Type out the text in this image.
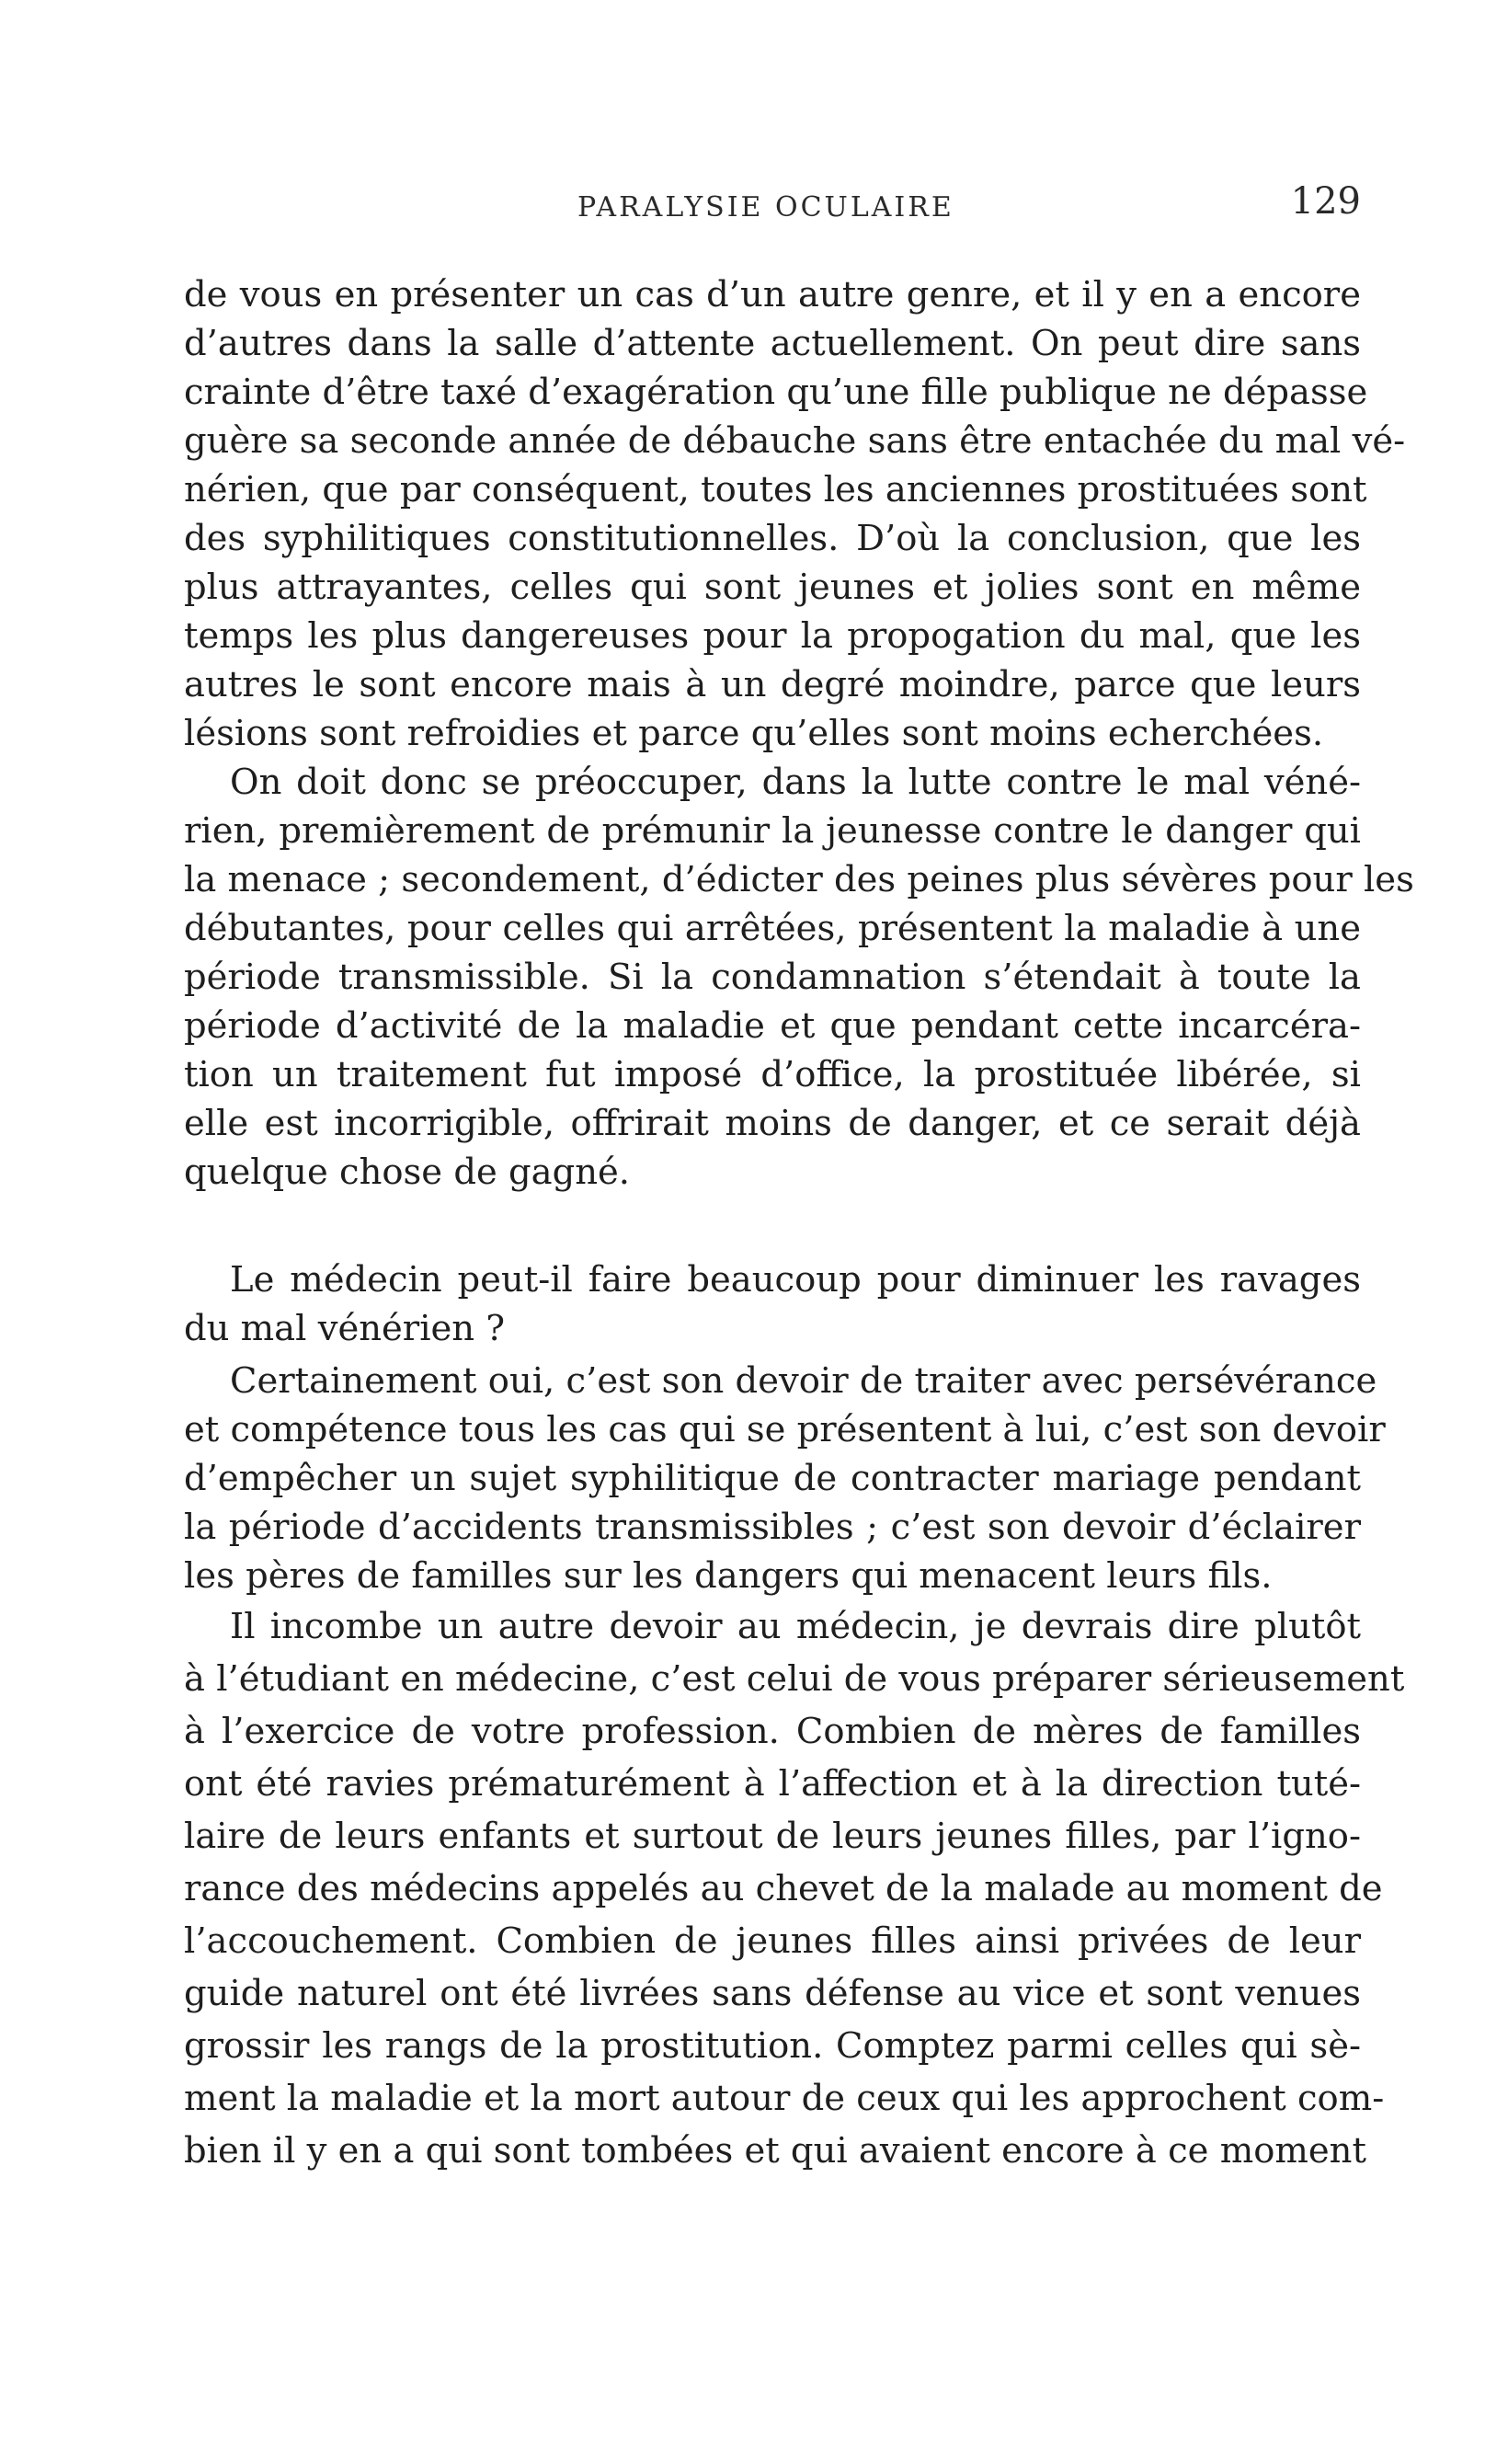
PARALYSIE OCULAIRE	129
de vous en présenter un cas d’un autre genre, et il y en a encore
d’autres dans la salle d’attente actuellement. On peut dire sans
crainte d’être taxé d’exagération qu’une fille publique ne dépasse
guère sa seconde année de débauche sans être entachée du mal vé-
nérien, que par conséquent, toutes les anciennes prostituées sont
des syphilitiques constitutionnelles. D’où la conclusion, que les
plus attrayantes, celles qui sont jeunes et jolies sont en même
temps les plus dangereuses pour la propogation du mal, que les
autres le sont encore mais à un degré moindre, parce que leurs
lésions sont refroidies et parce qu’elles sont moins echerchées.
On doit donc se préoccuper, dans la lutte contre le mal véné-
rien, premièrement de prémunir la jeunesse contre le danger qui
la menace ; secondement, d’édicter des peines plus sévères pour les
débutantes, pour celles qui arrêtées, présentent la maladie à une
période transmissible. Si la condamnation s’étendait à toute la
période d’activité de la maladie et que pendant cette incarcéra-
tion un traitement fut imposé d’office, la prostituée libérée, si
elle est incorrigible, offrirait moins de danger, et ce serait déjà
quelque chose de gagné.
Le médecin peut-il faire beaucoup pour diminuer les ravages
du mal vénérien ?
Certainement oui, c’est son devoir de traiter avec persévérance
et compétence tous les cas qui se présentent à lui, c’est son devoir
d’empêcher un sujet syphilitique de contracter mariage pendant
la période d’accidents transmissibles ; c’est son devoir d’éclairer
les pères de familles sur les dangers qui menacent leurs fils.
Il incombe un autre devoir au médecin, je devrais dire plutôt
à l’étudiant en médecine, c’est celui de vous préparer sérieusement
à l’exercice de votre profession. Combien de mères de familles
ont été ravies prématurément à l’affection et à la direction tuté-
laire de leurs enfants et surtout de leurs jeunes filles, par l’igno-
rance des médecins appelés au chevet de la malade au moment de
l’accouchement. Combien de jeunes filles ainsi privées de leur
guide naturel ont été livrées sans défense au vice et sont venues
grossir les rangs de la prostitution. Comptez parmi celles qui sè-
ment la maladie et la mort autour de ceux qui les approchent com-
bien il y en a qui sont tombées et qui avaient encore à ce moment
